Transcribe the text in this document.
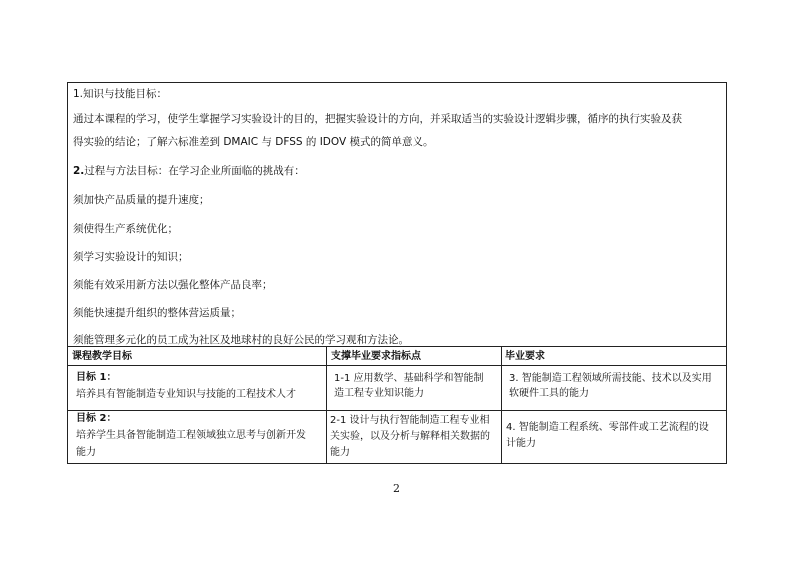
1.知识与技能目标：
通过本课程的学习，使学生掌握学习实验设计的目的，把握实验设计的方向，并采取适当的实验设计逻辑步骤，循序的执行实验及获
得实验的结论；了解六标准差到 DMAIC 与 DFSS 的 IDOV 模式的简单意义。
2.过程与方法目标：在学习企业所面临的挑战有：
须加快产品质量的提升速度；
须使得生产系统优化；
须学习实验设计的知识；
须能有效采用新方法以强化整体产品良率；
须能快速提升组织的整体营运质量；
须能管理多元化的员工成为社区及地球村的良好公民的学习观和方法论。
课程教学目标	支撑毕业要求指标点	毕业要求
目标 1：
培养具有智能制造专业知识与技能的工程技术人才
1-1 应用数学、基础科学和智能制
造工程专业知识能力
3. 智能制造工程领域所需技能、技术以及实用
软硬件工具的能力
目标 2：
培养学生具备智能制造工程领域独立思考与创新开发
能力
2-1 设计与执行智能制造工程专业相
关实验，以及分析与解释相关数据的
能力
4. 智能制造工程系统、零部件或工艺流程的设
计能力
2
